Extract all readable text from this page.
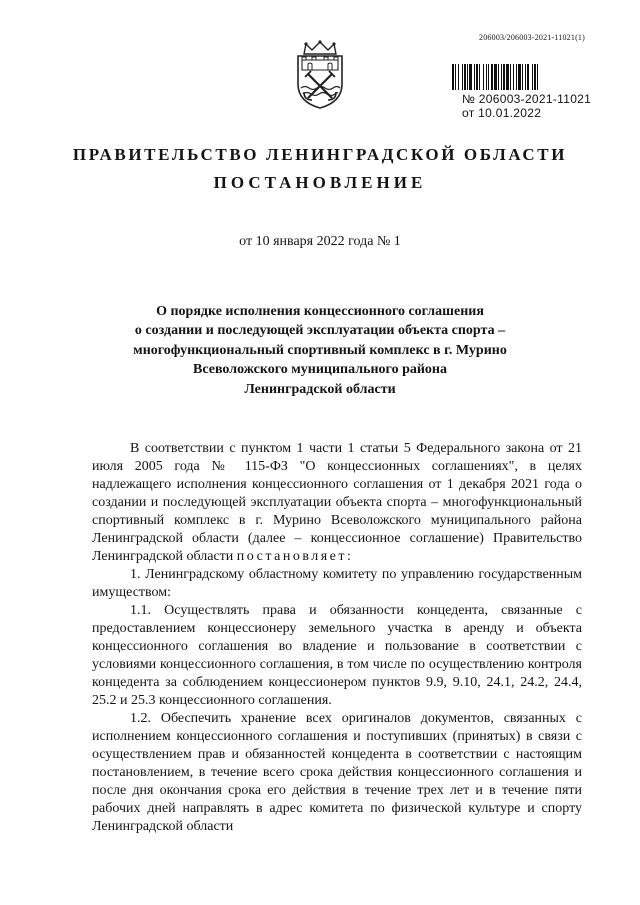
206003/206003-2021-11021(1)
№ 206003-2021-11021
от 10.01.2022
ПРАВИТЕЛЬСТВО ЛЕНИНГРАДСКОЙ ОБЛАСТИ
ПОСТАНОВЛЕНИЕ
от 10 января 2022 года № 1
О порядке исполнения концессионного соглашения
о создании и последующей эксплуатации объекта спорта –
многофункциональный спортивный комплекс в г. Мурино
Всеволожского муниципального района
Ленинградской области

В соответствии с пунктом 1 части 1 статьи 5 Федерального закона от 21 июля 2005 года № 115-ФЗ "О концессионных соглашениях", в целях надлежащего исполнения концессионного соглашения от 1 декабря 2021 года о создании и последующей эксплуатации объекта спорта – многофункциональный спортивный комплекс в г. Мурино Всеволожского муниципального района Ленинградской области (далее – концессионное соглашение) Правительство Ленинградской области постановляет:

1. Ленинградскому областному комитету по управлению государственным имуществом:

1.1. Осуществлять права и обязанности концедента, связанные с предоставлением концессионеру земельного участка в аренду и объекта концессионного соглашения во владение и пользование в соответствии с условиями концессионного соглашения, в том числе по осуществлению контроля концедента за соблюдением концессионером пунктов 9.9, 9.10, 24.1, 24.2, 24.4, 25.2 и 25.3 концессионного соглашения.

1.2. Обеспечить хранение всех оригиналов документов, связанных с исполнением концессионного соглашения и поступивших (принятых) в связи с осуществлением прав и обязанностей концедента в соответствии с настоящим постановлением, в течение всего срока действия концессионного соглашения и после дня окончания срока его действия в течение трех лет и в течение пяти рабочих дней направлять в адрес комитета по физической культуре и спорту Ленинградской области
